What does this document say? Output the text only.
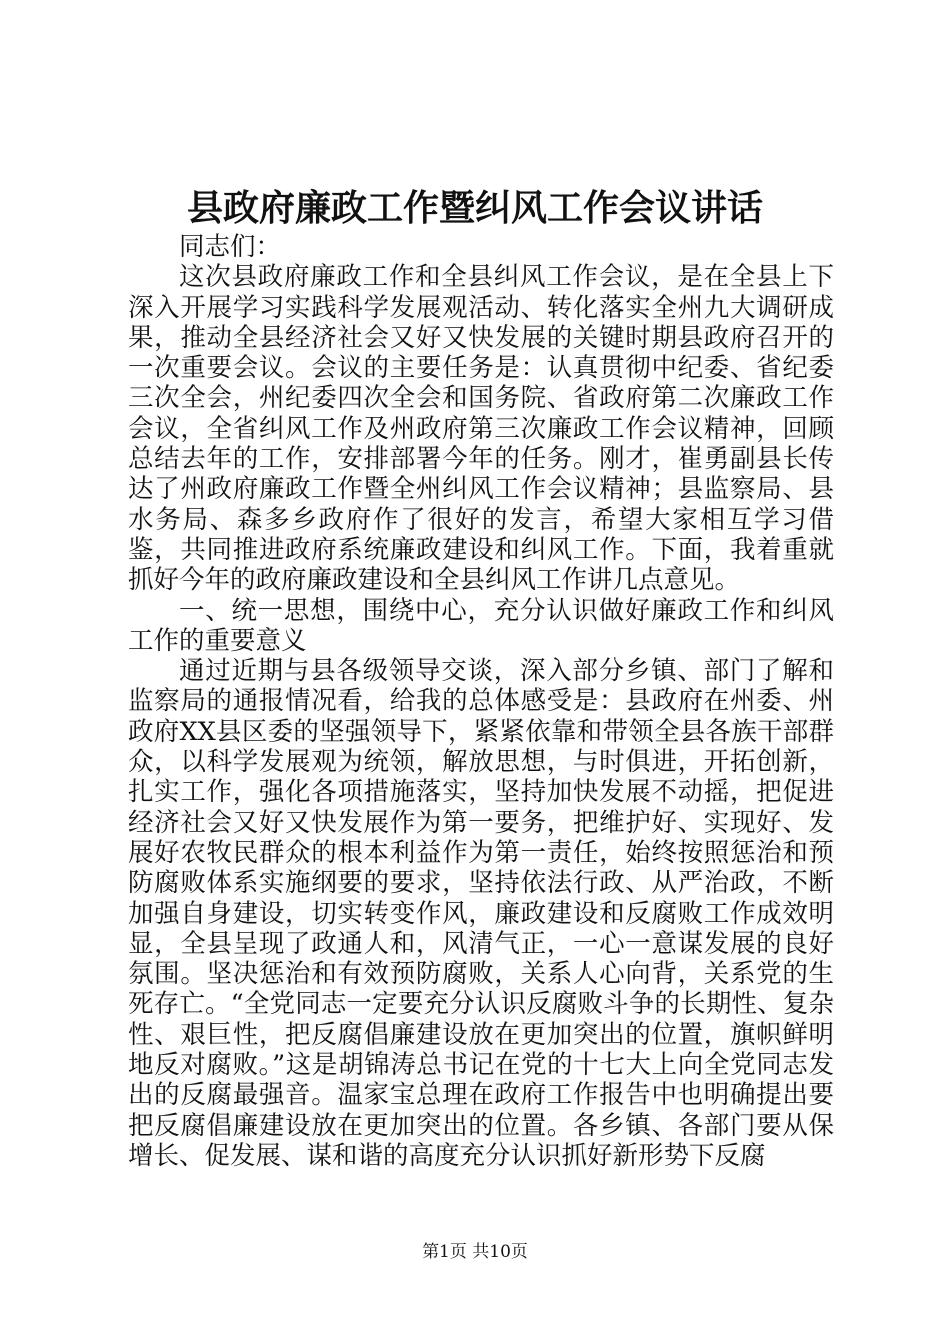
县政府廉政工作暨纠风工作会议讲话

同志们：

这次县政府廉政工作和全县纠风工作会议，是在全县上下深入开展学习实践科学发展观活动、转化落实全州九大调研成果，推动全县经济社会又好又快发展的关键时期县政府召开的一次重要会议。会议的主要任务是：认真贯彻中纪委、省纪委三次全会，州纪委四次全会和国务院、省政府第二次廉政工作会议，全省纠风工作及州政府第三次廉政工作会议精神，回顾总结去年的工作，安排部署今年的任务。刚才，崔勇副县长传达了州政府廉政工作暨全州纠风工作会议精神；县监察局、县水务局、森多乡政府作了很好的发言，希望大家相互学习借鉴，共同推进政府系统廉政建设和纠风工作。下面，我着重就抓好今年的政府廉政建设和全县纠风工作讲几点意见。

一、统一思想，围绕中心，充分认识做好廉政工作和纠风工作的重要意义

通过近期与县各级领导交谈，深入部分乡镇、部门了解和监察局的通报情况看，给我的总体感受是：县政府在州委、州政府XX县区委的坚强领导下，紧紧依靠和带领全县各族干部群众，以科学发展观为统领，解放思想，与时俱进，开拓创新，扎实工作，强化各项措施落实，坚持加快发展不动摇，把促进经济社会又好又快发展作为第一要务，把维护好、实现好、发展好农牧民群众的根本利益作为第一责任，始终按照惩治和预防腐败体系实施纲要的要求，坚持依法行政、从严治政，不断加强自身建设，切实转变作风，廉政建设和反腐败工作成效明显，全县呈现了政通人和，风清气正，一心一意谋发展的良好氛围。坚决惩治和有效预防腐败，关系人心向背，关系党的生死存亡。“全党同志一定要充分认识反腐败斗争的长期性、复杂性、艰巨性，把反腐倡廉建设放在更加突出的位置，旗帜鲜明地反对腐败。”这是胡锦涛总书记在党的十七大上向全党同志发出的反腐最强音。温家宝总理在政府工作报告中也明确提出要把反腐倡廉建设放在更加突出的位置。各乡镇、各部门要从保增长、促发展、谋和谐的高度充分认识抓好新形势下反腐

第1页 共10页
